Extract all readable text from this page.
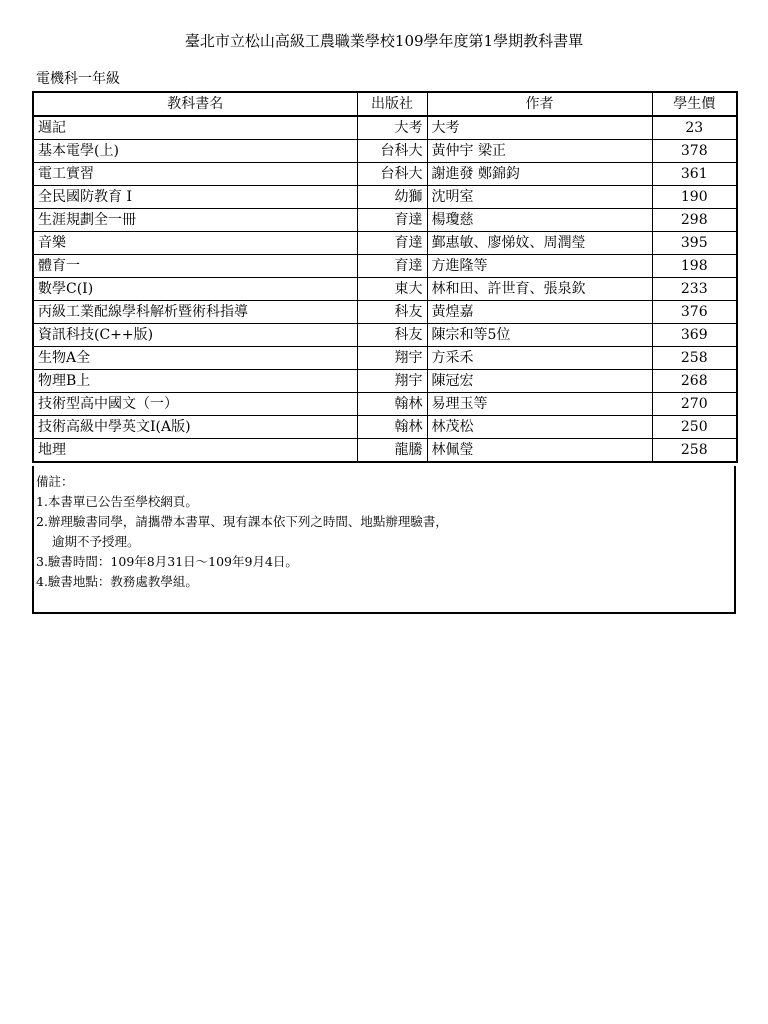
臺北市立松山高級工農職業學校109學年度第1學期教科書單
電機科一年級
教科書名	出版社	作者	學生價
週記	大考	大考	23
基本電學(上)	台科大	黃仲宇 梁正	378
電工實習	台科大	謝進發 鄭錦鈞	361
全民國防教育 I	幼獅	沈明室	190
生涯規劃全一冊	育達	楊瓊慈	298
音樂	育達	鄞惠敏、廖悌妏、周潤瑩	395
體育一	育達	方進隆等	198
數學C(I)	東大	林和田、許世育、張泉欽	233
丙級工業配線學科解析暨術科指導	科友	黃煌嘉	376
資訊科技(C++版)	科友	陳宗和等5位	369
生物A全	翔宇	方采禾	258
物理B上	翔宇	陳冠宏	268
技術型高中國文（一）	翰林	易理玉等	270
技術高級中學英文I(A版)	翰林	林茂松	250
地理	龍騰	林佩瑩	258
備註：
1.本書單已公告至學校網頁。
2.辦理驗書同學，請攜帶本書單、現有課本依下列之時間、地點辦理驗書，
逾期不予授理。
3.驗書時間：109年8月31日～109年9月4日。
4.驗書地點：教務處教學組。
